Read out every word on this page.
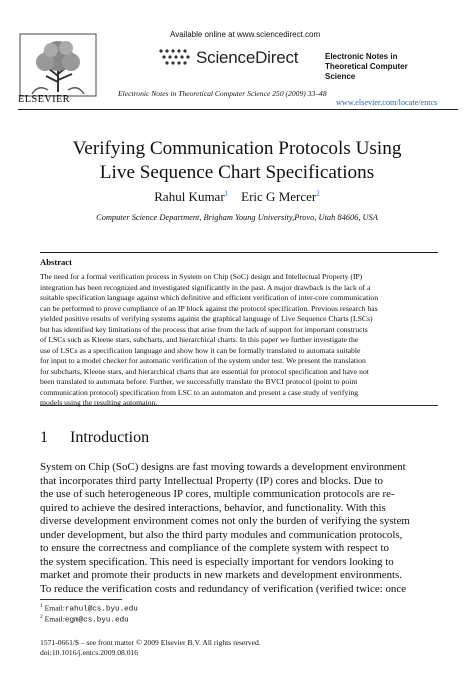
ELSEVIER
Available online at www.sciencedirect.com
ScienceDirect
Electronic Notes in Theoretical Computer Science 250 (2009) 33–48
Electronic Notes in
Theoretical Computer
Science
www.elsevier.com/locate/entcs
Verifying Communication Protocols Using
Live Sequence Chart Specifications
Rahul Kumar$^1$ Eric G Mercer$^2$
Computer Science Department, Brigham Young University,Provo, Utah 84606, USA
Abstract
The need for a formal verification process in System on Chip (SoC) design and Intellectual Property (IP)
integration has been recognized and investigated significantly in the past. A major drawback is the lack of a
suitable specification language against which definitive and efficient verification of inter-core communication
can be performed to prove compliance of an IP block against the protocol specification. Previous research has
yielded positive results of verifying systems against the graphical language of Live Sequence Charts (LSCs)
but has identified key limitations of the process that arise from the lack of support for important constructs
of LSCs such as Kleene stars, subcharts, and hierarchical charts. In this paper we further investigate the
use of LSCs as a specification language and show how it can be formally translated to automata suitable
for input to a model checker for automatic verification of the system under test. We present the translation
for subcharts, Kleene stars, and hierarchical charts that are essential for protocol specification and have not
been translated to automata before. Further, we successfully translate the BVCI protocol (point to point
communication protocol) specification from LSC to an automaton and present a case study of verifying
models using the resulting automaton.
1 Introduction
System on Chip (SoC) designs are fast moving towards a development environment
that incorporates third party Intellectual Property (IP) cores and blocks. Due to
the use of such heterogeneous IP cores, multiple communication protocols are re-
quired to achieve the desired interactions, behavior, and functionality. With this
diverse development environment comes not only the burden of verifying the system
under development, but also the third party modules and communication protocols,
to ensure the correctness and compliance of the complete system with respect to
the system specification. This need is especially important for vendors looking to
market and promote their products in new markets and development environments.
To reduce the verification costs and redundancy of verification (verified twice: once
$^1$ Email:rahul@cs.byu.edu
$^2$ Email:egm@cs.byu.edu
1571-0661/$ – see front matter © 2009 Elsevier B.V. All rights reserved.
doi:10.1016/j.entcs.2009.08.016
